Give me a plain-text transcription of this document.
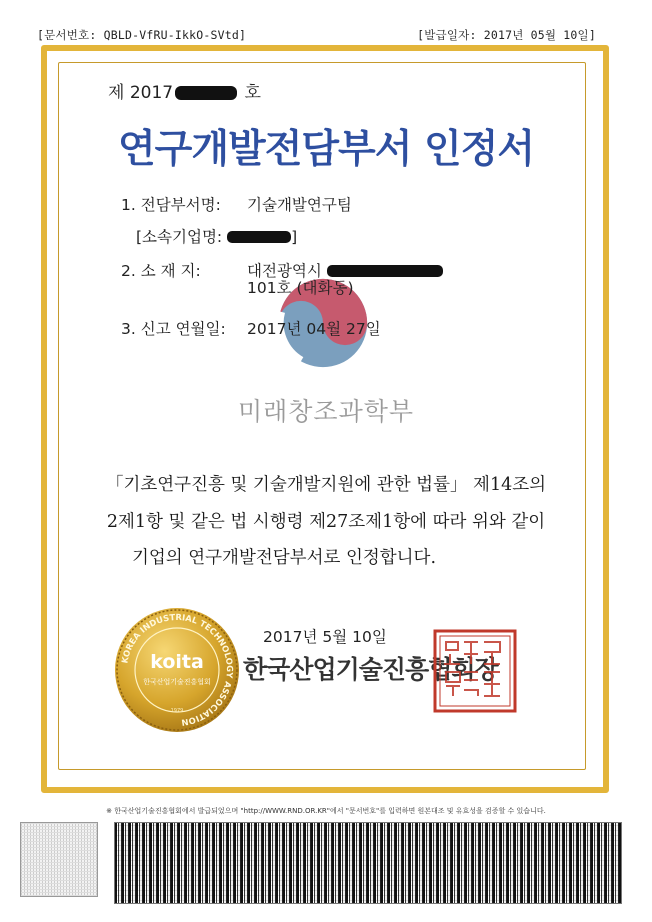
[문서번호: QBLD-VfRU-IkkO-SVtd]	[발급일자: 2017년 05월 10일]
제 2017	호
연구개발전담부서 인정서
1. 전담부서명: 기술개발연구팀
[소속기업명:	]
2. 소 재 지:	대전광역시
101호 (대화동)
3. 신고 연월일: 2017년 04월 27일
미래창조과학부
「기초연구진흥 및 기술개발지원에 관한 법률」 제14조의
2제1항 및 같은 법 시행령 제27조제1항에 따라 위와 같이
기업의 연구개발전담부서로 인정합니다.
KOREA INDUSTRIAL TECHNOLOGY ASSOCIATION
koita
한국산업기술진흥협회
1979
2017년 5월 10일
한국산업기술진흥협회장
※ 한국산업기술진흥협회에서 발급되었으며 "http://WWW.RND.OR.KR"에서 "문서번호"를 입력하면 원본대조 및 유효성을 검증할 수 있습니다.
